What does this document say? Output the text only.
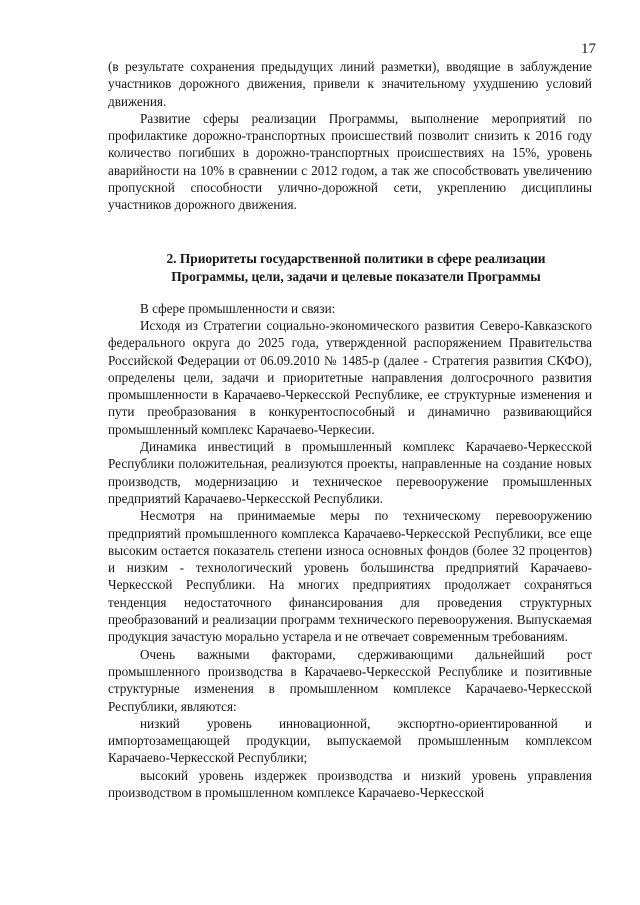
17

(в результате сохранения предыдущих линий разметки), вводящие в заблуждение участников дорожного движения, привели к значительному ухудшению условий движения.

Развитие сферы реализации Программы, выполнение мероприятий по профилактике дорожно-транспортных происшествий позволит снизить к 2016 году количество погибших в дорожно-транспортных происшествиях на 15%, уровень аварийности на 10% в сравнении с 2012 годом, а так же способствовать увеличению пропускной способности улично-дорожной сети, укреплению дисциплины участников дорожного движения.

2. Приоритеты государственной политики в сфере реализации
Программы, цели, задачи и целевые показатели Программы

В сфере промышленности и связи:

Исходя из Стратегии социально-экономического развития Северо-Кавказского федерального округа до 2025 года, утвержденной распоряжением Правительства Российской Федерации от 06.09.2010 № 1485-р (далее - Стратегия развития СКФО), определены цели, задачи и приоритетные направления долгосрочного развития промышленности в Карачаево-Черкесской Республике, ее структурные изменения и пути преобразования в конкурентоспособный и динамично развивающийся промышленный комплекс Карачаево-Черкесии.

Динамика инвестиций в промышленный комплекс Карачаево-Черкесской Республики положительная, реализуются проекты, направленные на создание новых производств, модернизацию и техническое перевооружение промышленных предприятий Карачаево-Черкесской Республики.

Несмотря на принимаемые меры по техническому перевооружению предприятий промышленного комплекса Карачаево-Черкесской Республики, все еще высоким остается показатель степени износа основных фондов (более 32 процентов) и низким - технологический уровень большинства предприятий Карачаево-Черкесской Республики. На многих предприятиях продолжает сохраняться тенденция недостаточного финансирования для проведения структурных преобразований и реализации программ технического перевооружения. Выпускаемая продукция зачастую морально устарела и не отвечает современным требованиям.

Очень важными факторами, сдерживающими дальнейший рост промышленного производства в Карачаево-Черкесской Республике и позитивные структурные изменения в промышленном комплексе Карачаево-Черкесской Республики, являются:

низкий уровень инновационной, экспортно-ориентированной и импортозамещающей продукции, выпускаемой промышленным комплексом Карачаево-Черкесской Республики;

высокий уровень издержек производства и низкий уровень управления производством в промышленном комплексе Карачаево-Черкесской
